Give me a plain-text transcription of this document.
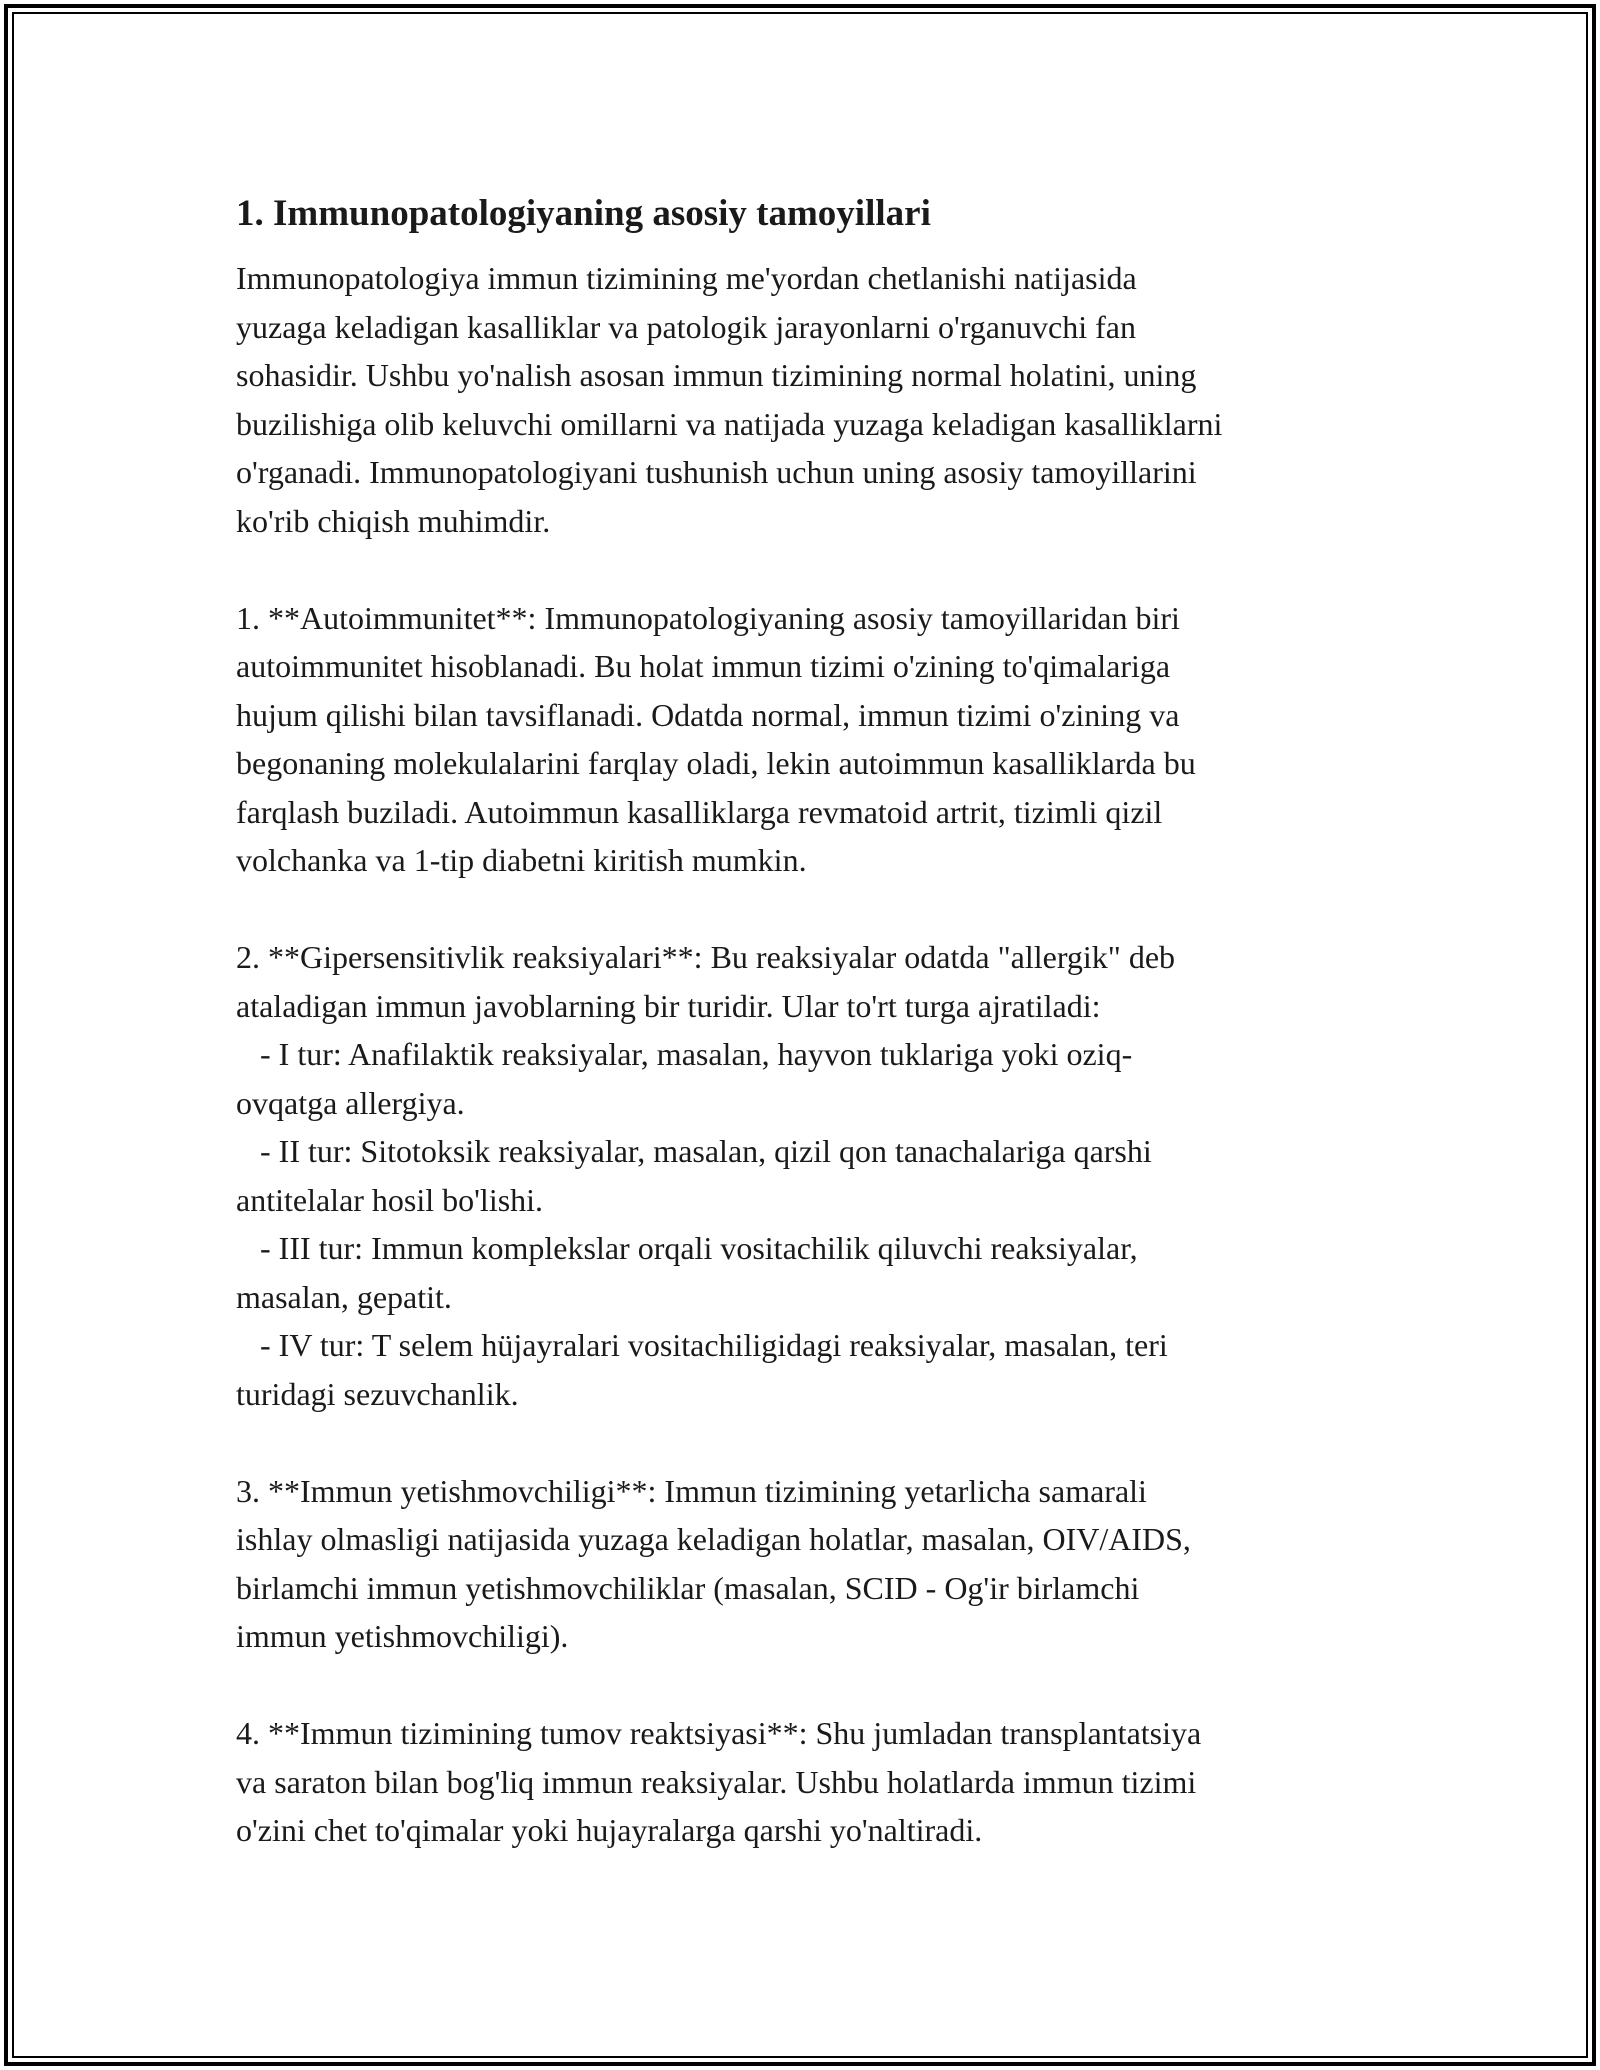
1. Immunopatologiyaning asosiy tamoyillari

Immunopatologiya immun tizimining me'yordan chetlanishi natijasida
yuzaga keladigan kasalliklar va patologik jarayonlarni o'rganuvchi fan
sohasidir. Ushbu yo'nalish asosan immun tizimining normal holatini, uning
buzilishiga olib keluvchi omillarni va natijada yuzaga keladigan kasalliklarni
o'rganadi. Immunopatologiyani tushunish uchun uning asosiy tamoyillarini
ko'rib chiqish muhimdir.

1. **Autoimmunitet**: Immunopatologiyaning asosiy tamoyillaridan biri
autoimmunitet hisoblanadi. Bu holat immun tizimi o'zining to'qimalariga
hujum qilishi bilan tavsiflanadi. Odatda normal, immun tizimi o'zining va
begonaning molekulalarini farqlay oladi, lekin autoimmun kasalliklarda bu
farqlash buziladi. Autoimmun kasalliklarga revmatoid artrit, tizimli qizil
volchanka va 1-tip diabetni kiritish mumkin.

2. **Gipersensitivlik reaksiyalari**: Bu reaksiyalar odatda "allergik" deb
ataladigan immun javoblarning bir turidir. Ular to'rt turga ajratiladi:
- I tur: Anafilaktik reaksiyalar, masalan, hayvon tuklariga yoki oziq-
ovqatga allergiya.
- II tur: Sitotoksik reaksiyalar, masalan, qizil qon tanachalariga qarshi
antitelalar hosil bo'lishi.
- III tur: Immun komplekslar orqali vositachilik qiluvchi reaksiyalar,
masalan, gepatit.
- IV tur: T selem hüjayralari vositachiligidagi reaksiyalar, masalan, teri
turidagi sezuvchanlik.

3. **Immun yetishmovchiligi**: Immun tizimining yetarlicha samarali
ishlay olmasligi natijasida yuzaga keladigan holatlar, masalan, OIV/AIDS,
birlamchi immun yetishmovchiliklar (masalan, SCID - Og'ir birlamchi
immun yetishmovchiligi).

4. **Immun tizimining tumov reaktsiyasi**: Shu jumladan transplantatsiya
va saraton bilan bog'liq immun reaksiyalar. Ushbu holatlarda immun tizimi
o'zini chet to'qimalar yoki hujayralarga qarshi yo'naltiradi.
